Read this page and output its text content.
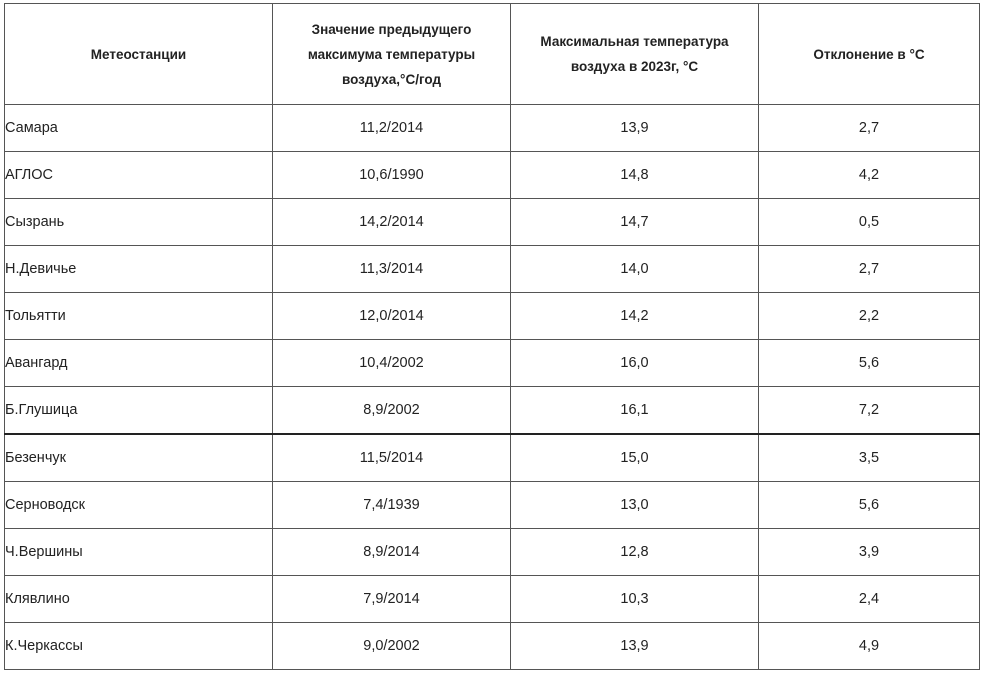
Метеостанции	Значение предыдущего максимума температуры воздуха,°С/год	Максимальная температура воздуха в 2023г, °С	Отклонение в °С
Самара	11,2/2014	13,9	2,7
АГЛОС	10,6/1990	14,8	4,2
Сызрань	14,2/2014	14,7	0,5
Н.Девичье	11,3/2014	14,0	2,7
Тольятти	12,0/2014	14,2	2,2
Авангард	10,4/2002	16,0	5,6
Б.Глушица	8,9/2002	16,1	7,2
Безенчук	11,5/2014	15,0	3,5
Серноводск	7,4/1939	13,0	5,6
Ч.Вершины	8,9/2014	12,8	3,9
Клявлино	7,9/2014	10,3	2,4
К.Черкассы	9,0/2002	13,9	4,9
